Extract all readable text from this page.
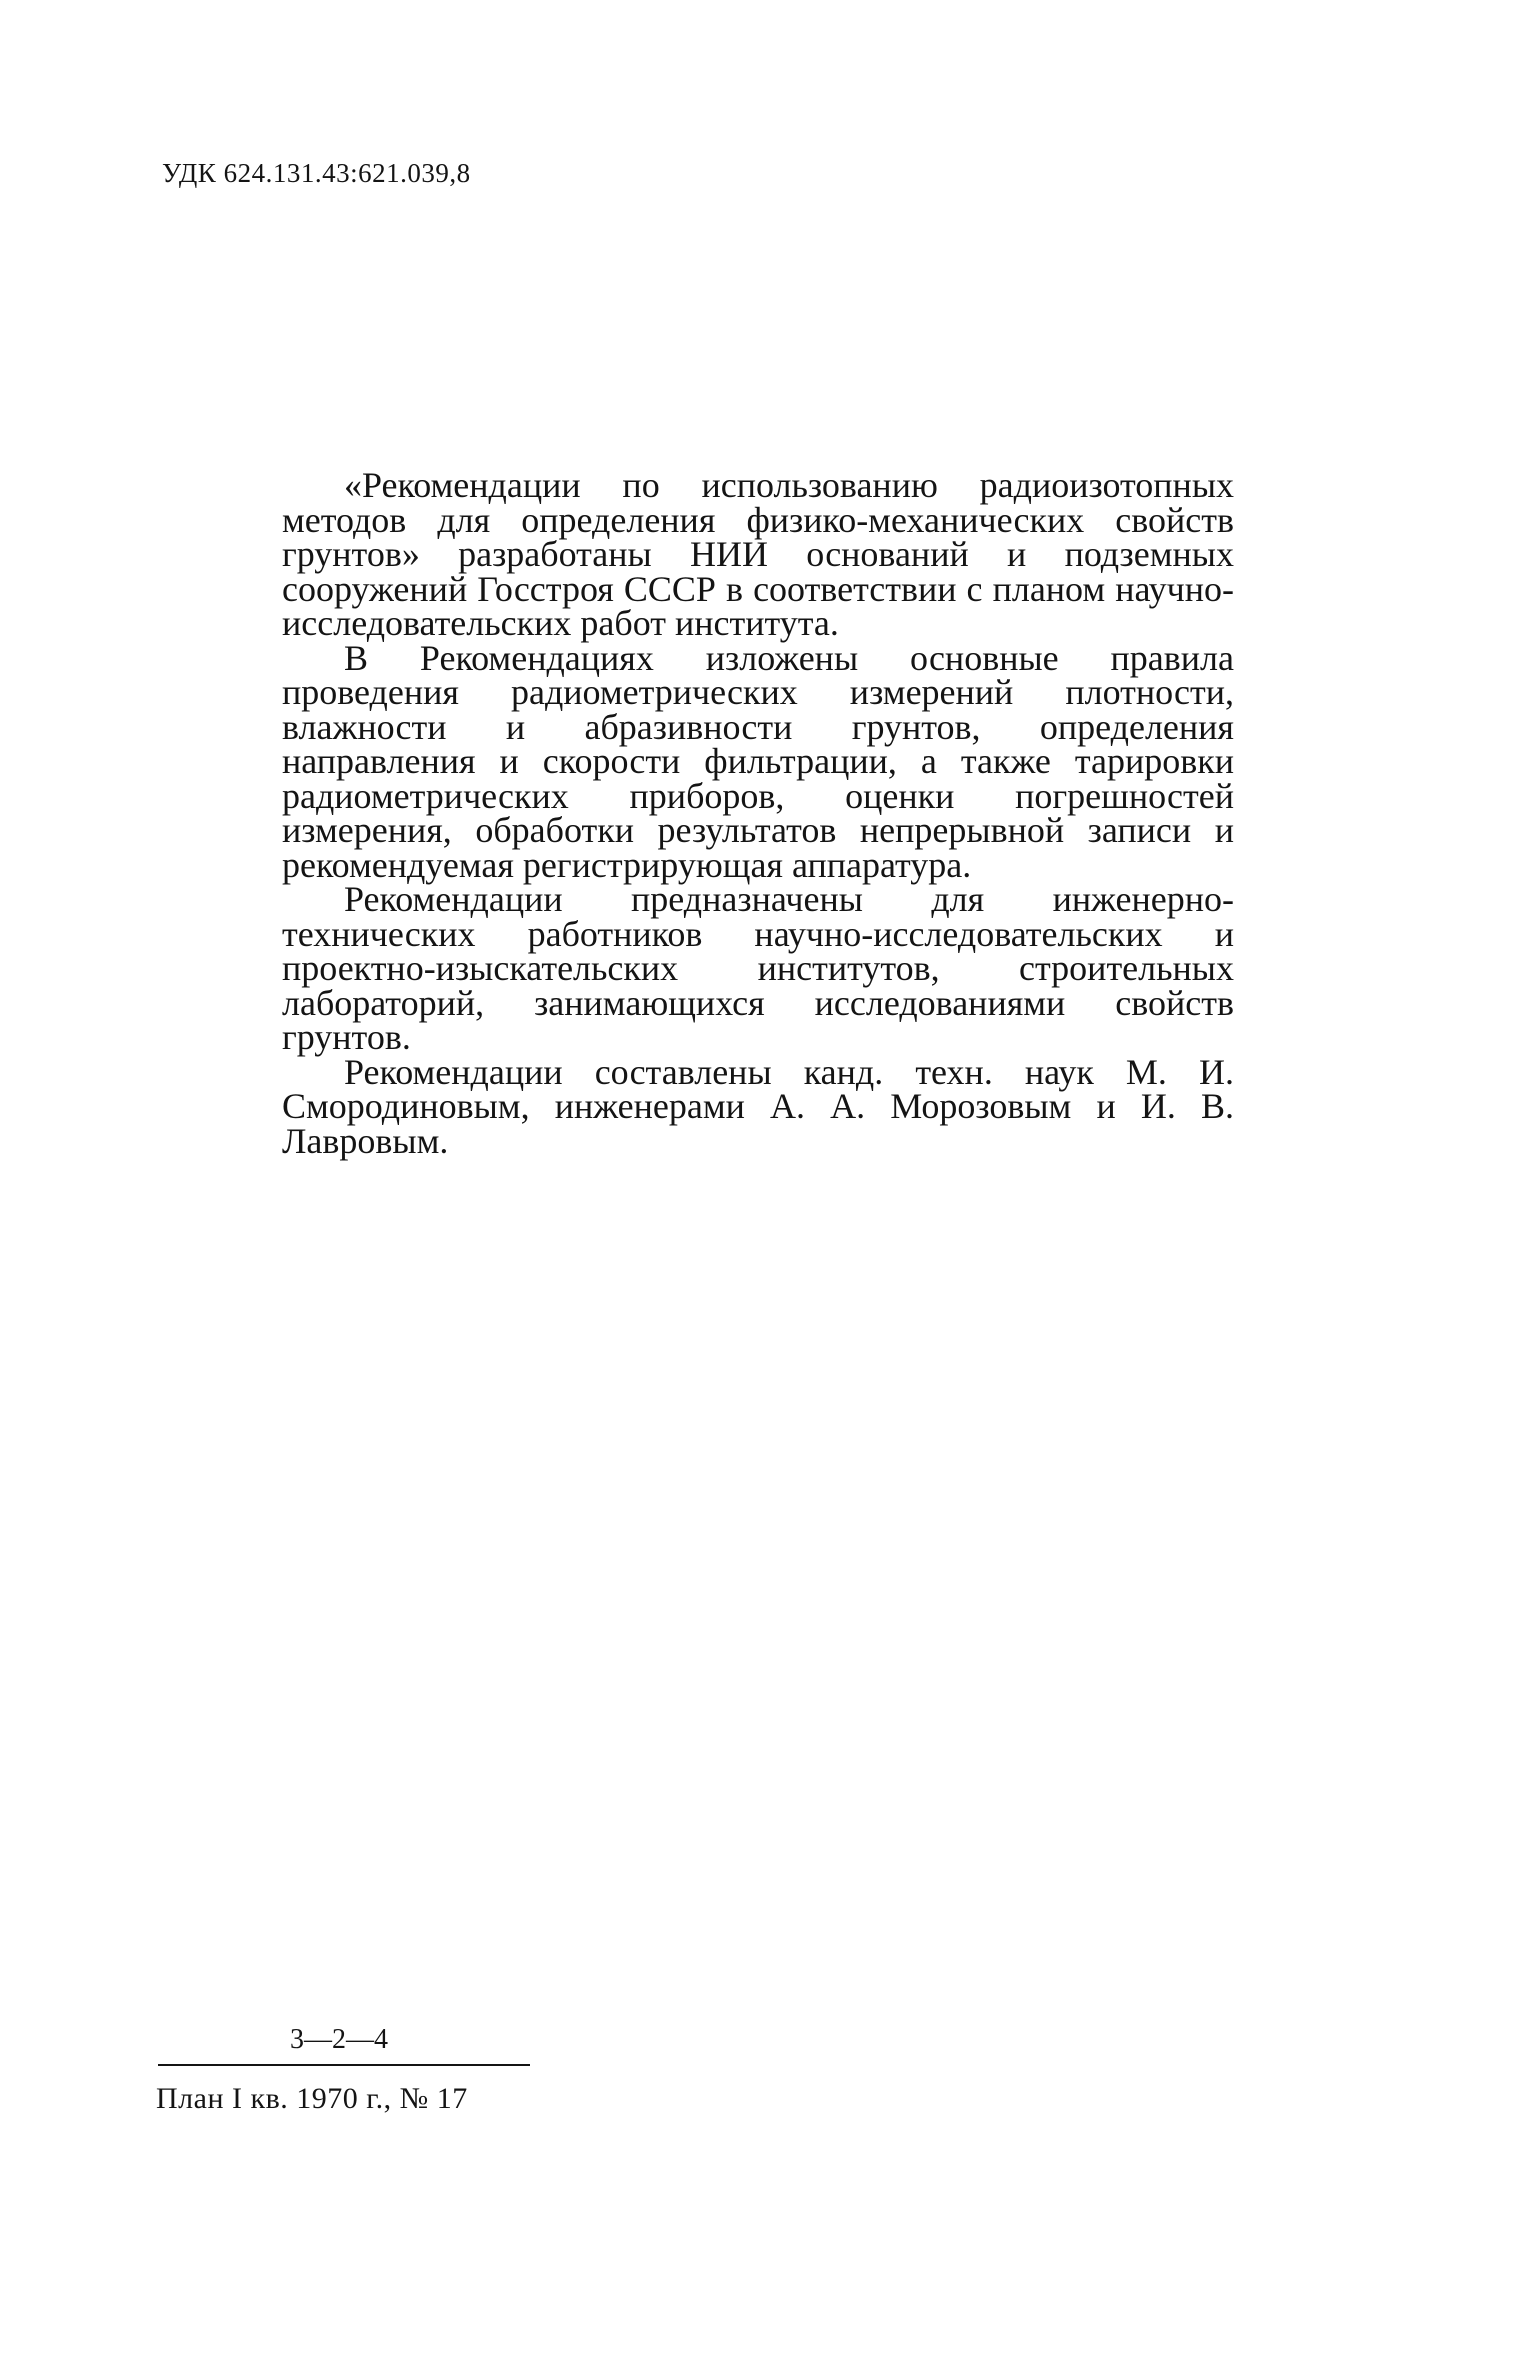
УДК 624.131.43:621.039,8

«Рекомендации по использованию радиоизотопных методов для определения физико-механических свойств грунтов» разработаны НИИ оснований и подземных сооружений Госстроя СССР в соответствии с планом научно-исследовательских работ института.

В Рекомендациях изложены основные правила проведения радиометрических измерений плотности, влажности и абразивности грунтов, определения направления и скорости фильтрации, а также тарировки радиометрических приборов, оценки погрешностей измерения, обработки результатов непрерывной записи и рекомендуемая регистрирующая аппаратура.

Рекомендации предназначены для инженерно-технических работников научно-исследовательских и проектно-изыскательских институтов, строительных лабораторий, занимающихся исследованиями свойств грунтов.

Рекомендации составлены канд. техн. наук М. И. Смородиновым, инженерами А. А. Морозовым и И. В. Лавровым.

3—2—4
План I кв. 1970 г., № 17
